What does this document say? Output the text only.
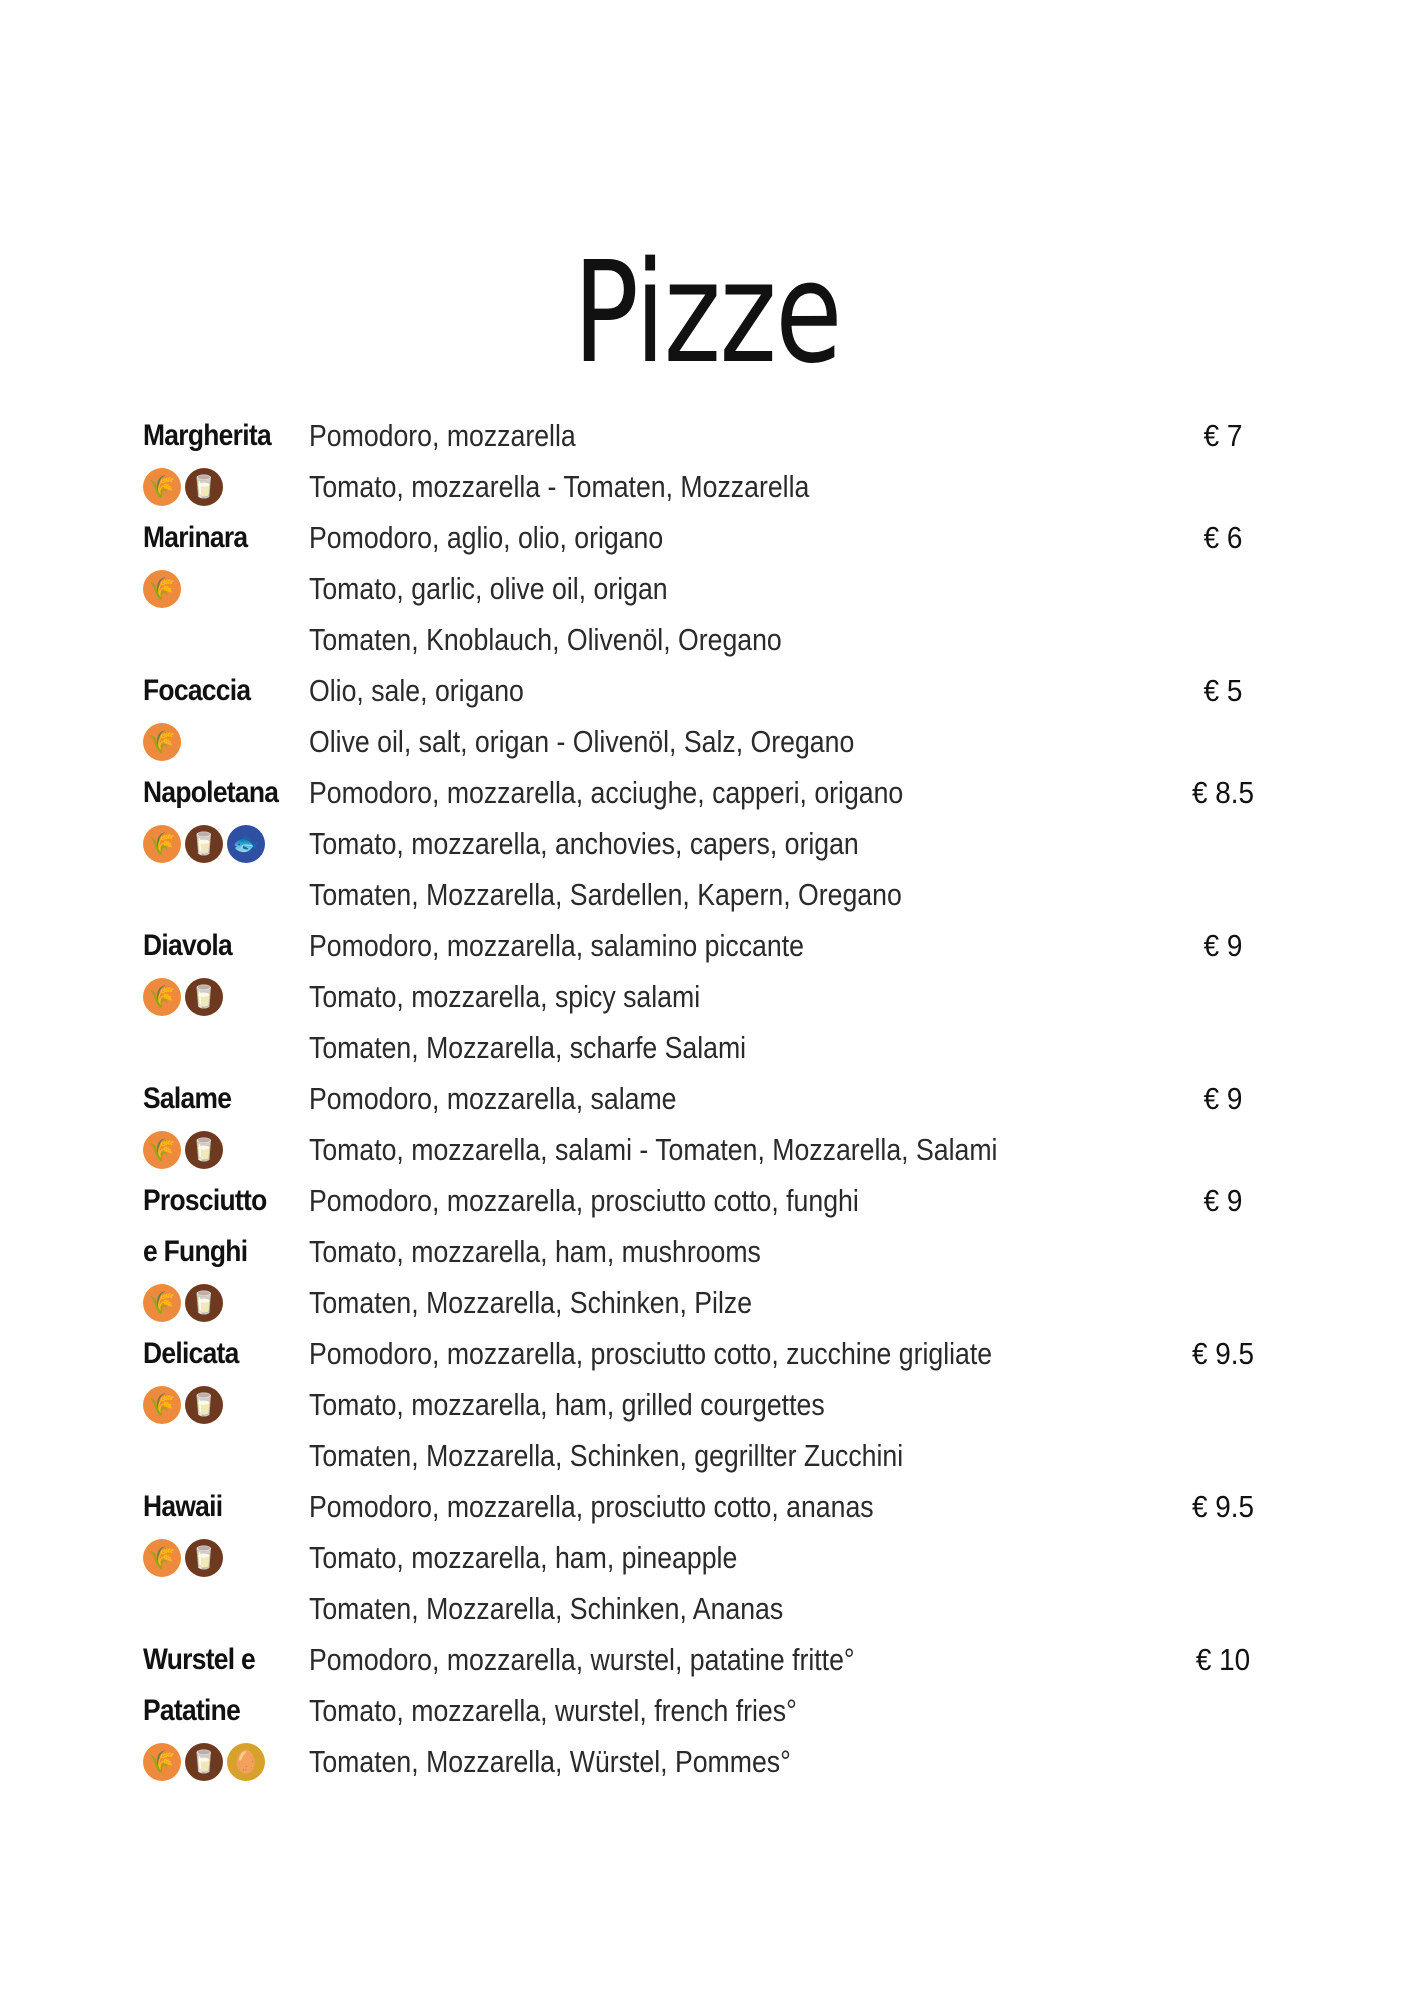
Pizze
Margherita
🌾 🥛
Pomodoro, mozzarella
Tomato, mozzarella - Tomaten, Mozzarella
€ 7
Marinara
🌾
Pomodoro, aglio, olio, origano
Tomato, garlic, olive oil, origan
Tomaten, Knoblauch, Olivenöl, Oregano
€ 6
Focaccia
🌾
Olio, sale, origano
Olive oil, salt, origan - Olivenöl, Salz, Oregano
€ 5
Napoletana
🌾 🥛 🐟
Pomodoro, mozzarella, acciughe, capperi, origano
Tomato, mozzarella, anchovies, capers, origan
Tomaten, Mozzarella, Sardellen, Kapern, Oregano
€ 8.5
Diavola
🌾 🥛
Pomodoro, mozzarella, salamino piccante
Tomato, mozzarella, spicy salami
Tomaten, Mozzarella, scharfe Salami
€ 9
Salame
🌾 🥛
Pomodoro, mozzarella, salame
Tomato, mozzarella, salami - Tomaten, Mozzarella, Salami
€ 9
Prosciutto
e Funghi
🌾 🥛
Pomodoro, mozzarella, prosciutto cotto, funghi
Tomato, mozzarella, ham, mushrooms
Tomaten, Mozzarella, Schinken, Pilze
€ 9
Delicata
🌾 🥛
Pomodoro, mozzarella, prosciutto cotto, zucchine grigliate
Tomato, mozzarella, ham, grilled courgettes
Tomaten, Mozzarella, Schinken, gegrillter Zucchini
€ 9.5
Hawaii
🌾 🥛
Pomodoro, mozzarella, prosciutto cotto, ananas
Tomato, mozzarella, ham, pineapple
Tomaten, Mozzarella, Schinken, Ananas
€ 9.5
Wurstel e
Patatine
🌾 🥛 🥚
Pomodoro, mozzarella, wurstel, patatine fritte°
Tomato, mozzarella, wurstel, french fries°
Tomaten, Mozzarella, Würstel, Pommes°
€ 10
